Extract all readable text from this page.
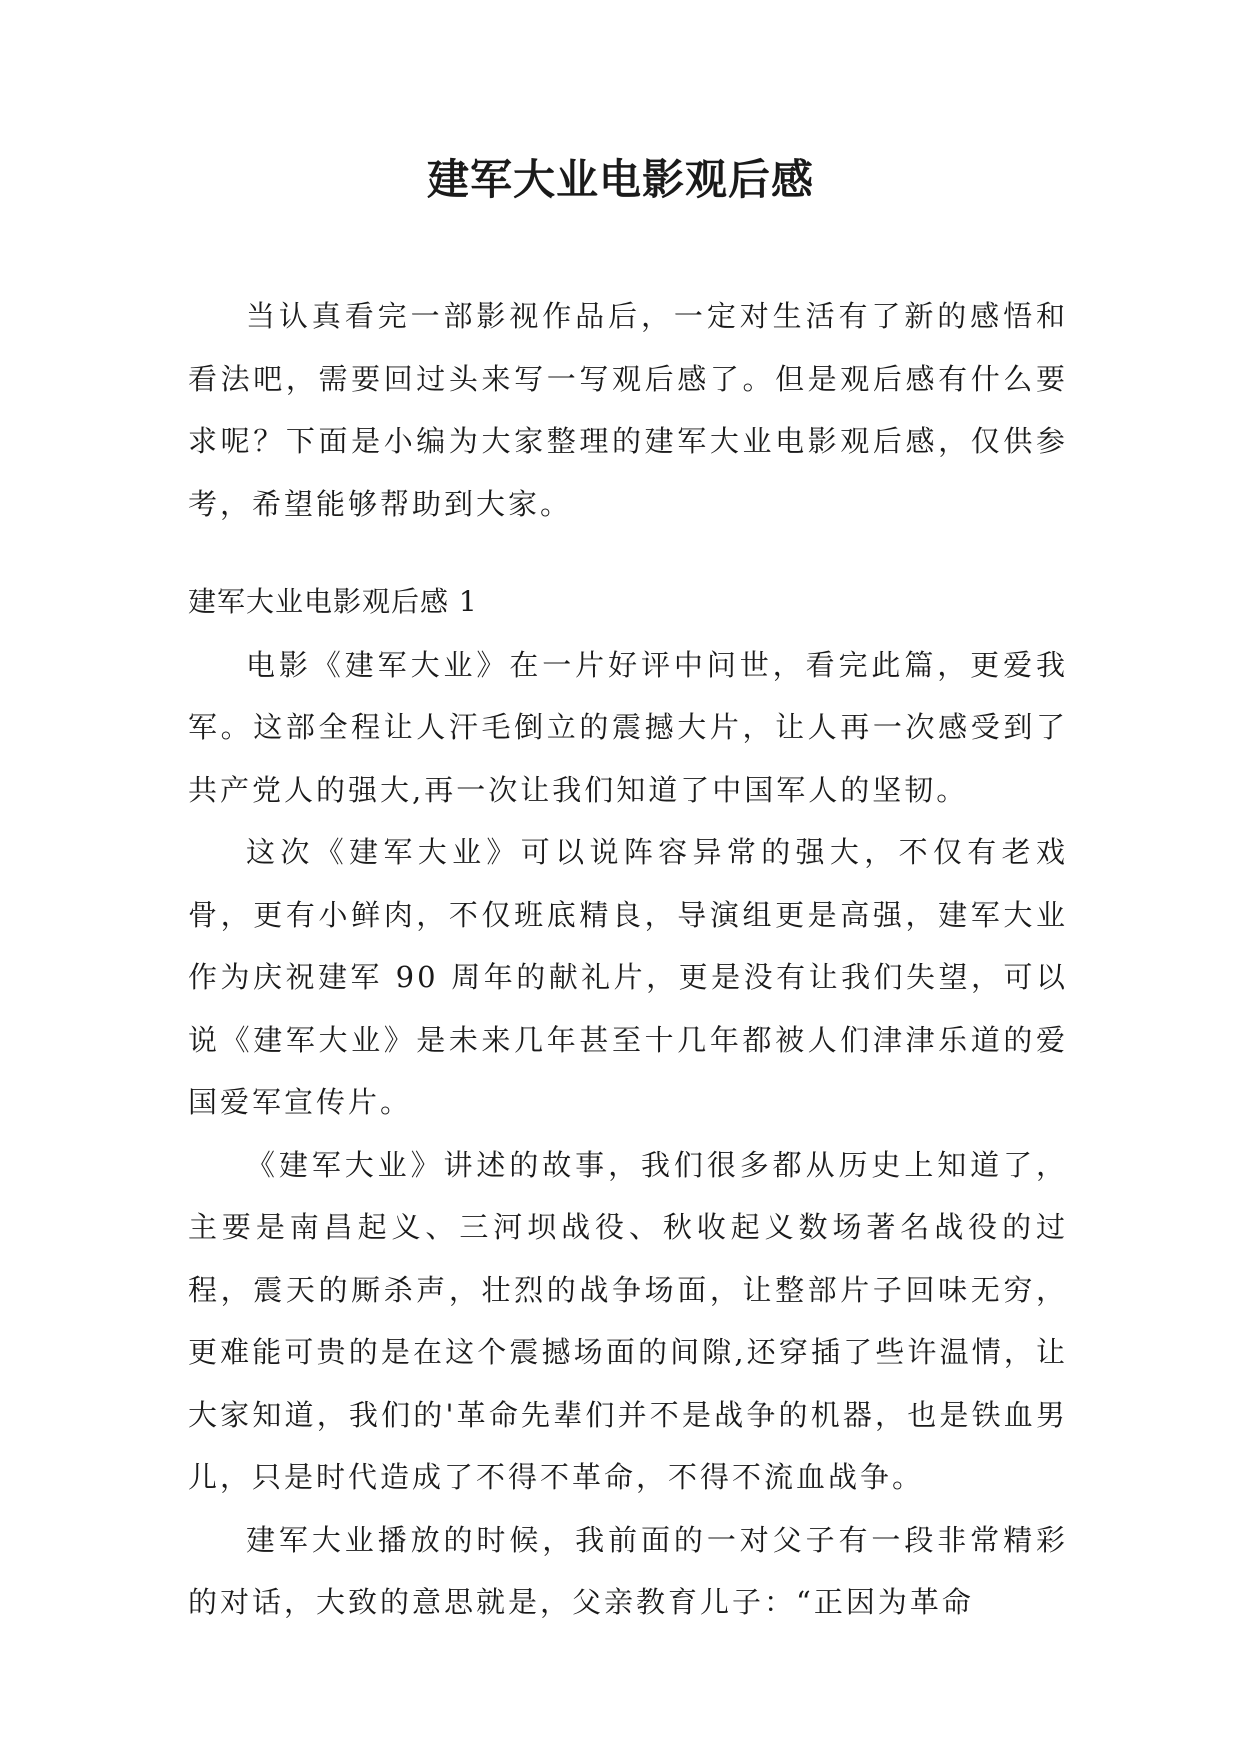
建军大业电影观后感

当认真看完一部影视作品后，一定对生活有了新的感悟和看法吧，需要回过头来写一写观后感了。但是观后感有什么要求呢？下面是小编为大家整理的建军大业电影观后感，仅供参考，希望能够帮助到大家。

建军大业电影观后感 1

电影《建军大业》在一片好评中问世，看完此篇，更爱我军。这部全程让人汗毛倒立的震撼大片，让人再一次感受到了共产党人的强大,再一次让我们知道了中国军人的坚韧。

这次《建军大业》可以说阵容异常的强大，不仅有老戏骨，更有小鲜肉，不仅班底精良，导演组更是高强，建军大业作为庆祝建军 90 周年的献礼片，更是没有让我们失望，可以说《建军大业》是未来几年甚至十几年都被人们津津乐道的爱国爱军宣传片。

《建军大业》讲述的故事，我们很多都从历史上知道了，主要是南昌起义、三河坝战役、秋收起义数场著名战役的过程，震天的厮杀声，壮烈的战争场面，让整部片子回味无穷，更难能可贵的是在这个震撼场面的间隙,还穿插了些许温情，让大家知道，我们的'革命先辈们并不是战争的机器，也是铁血男儿，只是时代造成了不得不革命，不得不流血战争。

建军大业播放的时候，我前面的一对父子有一段非常精彩的对话，大致的意思就是，父亲教育儿子：“正因为革命
